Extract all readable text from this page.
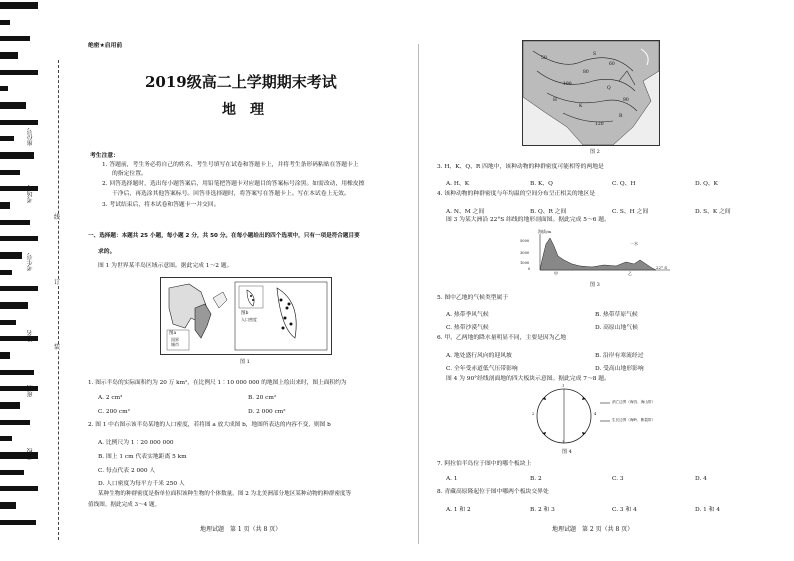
座位号
考场号
考生号
姓名
班级
学校
线
订
装
绝密★启用前
2019级高二上学期期末考试
地　理
考生注意：
1. 答题前，考生务必将自己的姓名、考生号填写在试卷和答题卡上，并将考生条形码粘贴在答题卡上
的指定位置。
2. 回答选择题时，选出每小题答案后，用铅笔把答题卡对应题目的答案标号涂黑。如需改动，用橡皮擦
干净后，再选涂其他答案标号。回答非选择题时，将答案写在答题卡上。写在本试卷上无效。
3. 考试结束后，将本试卷和答题卡一并交回。
一、选择题：本题共 25 小题，每小题 2 分，共 50 分。在每小题给出的四个选项中，只有一项是符合题目要
求的。
图 1 为世界某半岛区域示意图。据此完成 1～2 题。
图a
图b
国界
城市
人口密度
图 1
1. 图示半岛的实际面积约为 20 万 km²，在比例尺 1∶10 000 000 的地图上绘出来时，图上面积约为
A. 2 cm²	B. 20 cm²
C. 200 cm²	D. 2 000 cm²
2. 图 1 中右图示该半岛某地的人口密度，若将图 a 放大成图 b，地图所表达的内容不变，则图 b
A. 比例尺为 1∶20 000 000
B. 图上 1 cm 代表实地距离 5 km
C. 每点代表 2 000 人
D. 人口密度为每平方千米 250 人
某种生物的种群密度是指单位面积该种生物的个体数量。图 2 为北美洲部分地区某种动物的种群密度等
值线图。据此完成 3～4 题。
地理试题　第 1 页（共 8 页）
50
100
120
90
80
60
H
K
Q
R
S
图 2
3. H、K、Q、R 四地中，该种动物的种群密度可能相等的两地是
A. H、K	B. K、Q	C. Q、H	D. Q、K
4. 该种动物的种群密度与年均温的空间分布呈正相关的地区是
A. N、M 之间	B. Q、R 之间	C. S、H 之间	D. S、K 之间
图 3 为某大洲沿 22°S 纬线的地形剖面图。据此完成 5～6 题。
海拔/m
5000
3000
1000
0
甲	乙
22° S
一水
图 3
5. 图中乙地的气候类型属于
A. 热带季风气候	B. 热带草原气候
C. 热带沙漠气候	D. 高原山地气候
6. 甲、乙两地的降水量明显不同，主要是因为乙地
A. 地处盛行风向的迎风坡	B. 沿岸有寒流经过
C. 全年受赤道低气压带影响	D. 受高山地形影响
图 4 为 90°经线剖面地的四大板块示意图。据此完成 7～8 题。
1
2
3
4
消亡边界（海沟、海山带）
生长边界（海岭、断裂带）
图 4
7. 阿拉伯半岛位于图中的哪个板块上
A. 1	B. 2	C. 3	D. 4
8. 青藏高原隆起位于图中哪两个板块交界处
A. 1 和 2	B. 2 和 3	C. 3 和 4	D. 1 和 4
地理试题　第 2 页（共 8 页）
